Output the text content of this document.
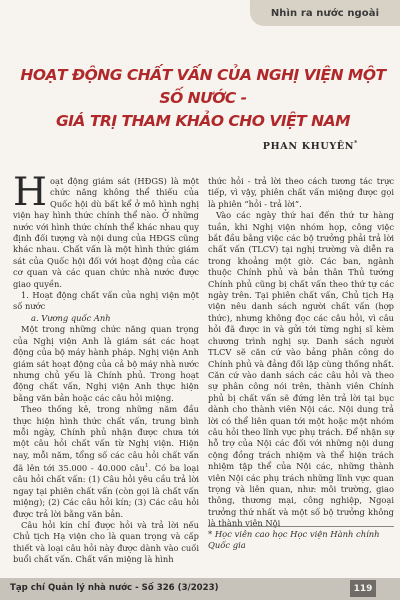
Nhìn ra nước ngoài
HOẠT ĐỘNG CHẤT VẤN CỦA NGHỊ VIỆN MỘT SỐ NƯỚC -
GIÁ TRỊ THAM KHẢO CHO VIỆT NAM
PHAN KHUYÊN*

Hoạt động giám sát (HĐGS) là một chức năng không thể thiếu của Quốc hội dù bất kể ở mô hình nghị viện hay hình thức chính thể nào. Ở những nước với hình thức chính thể khác nhau quy định đối tượng và nội dung của HĐGS cũng khác nhau. Chất vấn là một hình thức giám sát của Quốc hội đối với hoạt động của các cơ quan và các quan chức nhà nước được giao quyền.

1. Hoạt động chất vấn của nghị viện một số nước

a. Vương quốc Anh

Một trong những chức năng quan trọng của Nghị viện Anh là giám sát các hoạt động của bộ máy hành pháp. Nghị viện Anh giám sát hoạt động của cả bộ máy nhà nước nhưng chủ yếu là Chính phủ. Trong hoạt động chất vấn, Nghị viện Anh thực hiện bằng văn bản hoặc các câu hỏi miệng.

Theo thống kê, trong những năm đầu thực hiện hình thức chất vấn, trung bình mỗi ngày, Chính phủ nhận được chưa tới một câu hỏi chất vấn từ Nghị viện. Hiện nay, mỗi năm, tổng số các câu hỏi chất vấn đã lên tới 35.000 - 40.000 câu$^1$. Có ba loại câu hỏi chất vấn: (1) Câu hỏi yêu cầu trả lời ngay tại phiên chất vấn (còn gọi là chất vấn miệng); (2) Các câu hỏi kín; (3) Các câu hỏi được trả lời bằng văn bản.

Câu hỏi kín chỉ được hỏi và trả lời nếu Chủ tịch Hạ viện cho là quan trọng và cấp thiết và loại câu hỏi này được dành vào cuối buổi chất vấn. Chất vấn miệng là hình

thức hỏi - trả lời theo cách tương tác trực tiếp, vì vậy, phiên chất vấn miệng được gọi là phiên “hỏi - trả lời”.

Vào các ngày thứ hai đến thứ tư hàng tuần, khi Nghị viện nhóm họp, công việc bắt đầu bằng việc các bộ trưởng phải trả lời chất vấn (TLCV) tại nghị trường và diễn ra trong khoảng một giờ. Các ban, ngành thuộc Chính phủ và bản thân Thủ tướng Chính phủ cũng bị chất vấn theo thứ tự các ngày trên. Tại phiên chất vấn, Chủ tịch Hạ viện nêu danh sách người chất vấn (hợp thức), nhưng không đọc các câu hỏi, vì câu hỏi đã được in và gửi tới từng nghị sĩ kèm chương trình nghị sự. Danh sách người TLCV sẽ căn cứ vào bảng phân công do Chính phủ và đảng đối lập cùng thống nhất. Căn cứ vào danh sách các câu hỏi và theo sự phân công nói trên, thành viên Chính phủ bị chất vấn sẽ đứng lên trả lời tại bục dành cho thành viên Nội các. Nội dung trả lời có thể liên quan tới một hoặc một nhóm câu hỏi theo lĩnh vực phụ trách. Để nhận sự hỗ trợ của Nội các đối với những nội dung cộng đồng trách nhiệm và thể hiện trách nhiệm tập thể của Nội các, những thành viên Nội các phụ trách những lĩnh vực quan trọng và liên quan, như: môi trường, giao thông, thương mại, công nghiệp, Ngoại trưởng thứ nhất và một số bộ trưởng không là thành viên Nội

* Học viên cao học Học viện Hành chính Quốc gia
Tạp chí Quản lý nhà nước - Số 326 (3/2023)	119
